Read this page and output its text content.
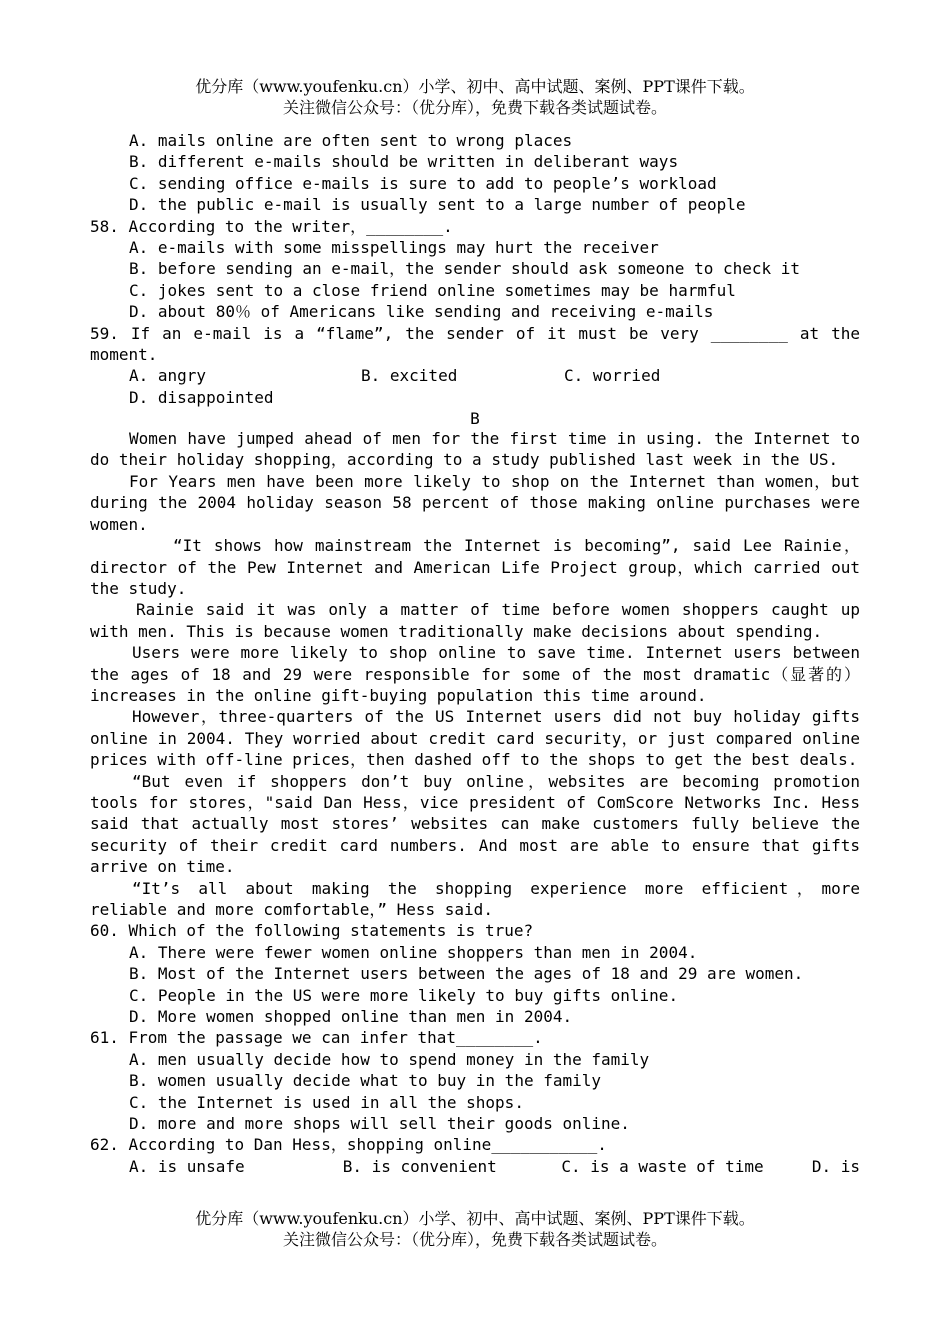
优分库（www.youfenku.cn）小学、初中、高中试题、案例、PPT课件下载。
关注微信公众号：（优分库），免费下载各类试题试卷。
A. mails online are often sent to wrong places
B. different e-mails should be written in deliberant ways
C. sending office e-mails is sure to add to people’s workload
D. the public e-mail is usually sent to a large number of people
58. According to the writer，________.
A. e-mails with some misspellings may hurt the receiver
B. before sending an e-mail，the sender should ask someone to check it
C. jokes sent to a close friend online sometimes may be harmful
D. about 80％ of Americans like sending and receiving e-mails
59. If an e-mail is a “flame”, the sender of it must be very ________ at the
moment.
A. angry	B. excited	C. worried
D. disappointed
B
Women have jumped ahead of men for the first time in using. the Internet to do their holiday shopping，according to a study published last week in the US.
For Years men have been more likely to shop on the Internet than women，but during the 2004 holiday season 58 percent of those making online purchases were women.
“It shows how mainstream the Internet is becoming”, said Lee Rainie，director of the Pew Internet and American Life Project group，which carried out the study.
Rainie said it was only a matter of time before women shoppers caught up with men. This is because women traditionally make decisions about spending.
Users were more likely to shop online to save time. Internet users between the ages of 18 and 29 were responsible for some of the most dramatic（显著的）increases in the online gift-buying population this time around.
However，three-quarters of the US Internet users did not buy holiday gifts online in 2004. They worried about credit card security，or just compared online prices with off-line prices，then dashed off to the shops to get the best deals.
“But even if shoppers don’t buy online，websites are becoming promotion tools for stores，"said Dan Hess，vice president of ComScore Networks Inc. Hess said that actually most stores’ websites can make customers fully believe the security of their credit card numbers. And most are able to ensure that gifts arrive on time.
“It’s all about making the shopping experience more efficient，more reliable and more comfortable，” Hess said.
60. Which of the following statements is true?
A. There were fewer women online shoppers than men in 2004.
B. Most of the Internet users between the ages of 18 and 29 are women.
C. People in the US were more likely to buy gifts online.
D. More women shopped online than men in 2004.
61. From the passage we can infer that________.
A. men usually decide how to spend money in the family
B. women usually decide what to buy in the family
C. the Internet is used in all the shops.
D. more and more shops will sell their goods online.
62. According to Dan Hess，shopping online___________.
A. is unsafe	B. is convenient	C. is a waste of time	D. is
优分库（www.youfenku.cn）小学、初中、高中试题、案例、PPT课件下载。
关注微信公众号：（优分库），免费下载各类试题试卷。
